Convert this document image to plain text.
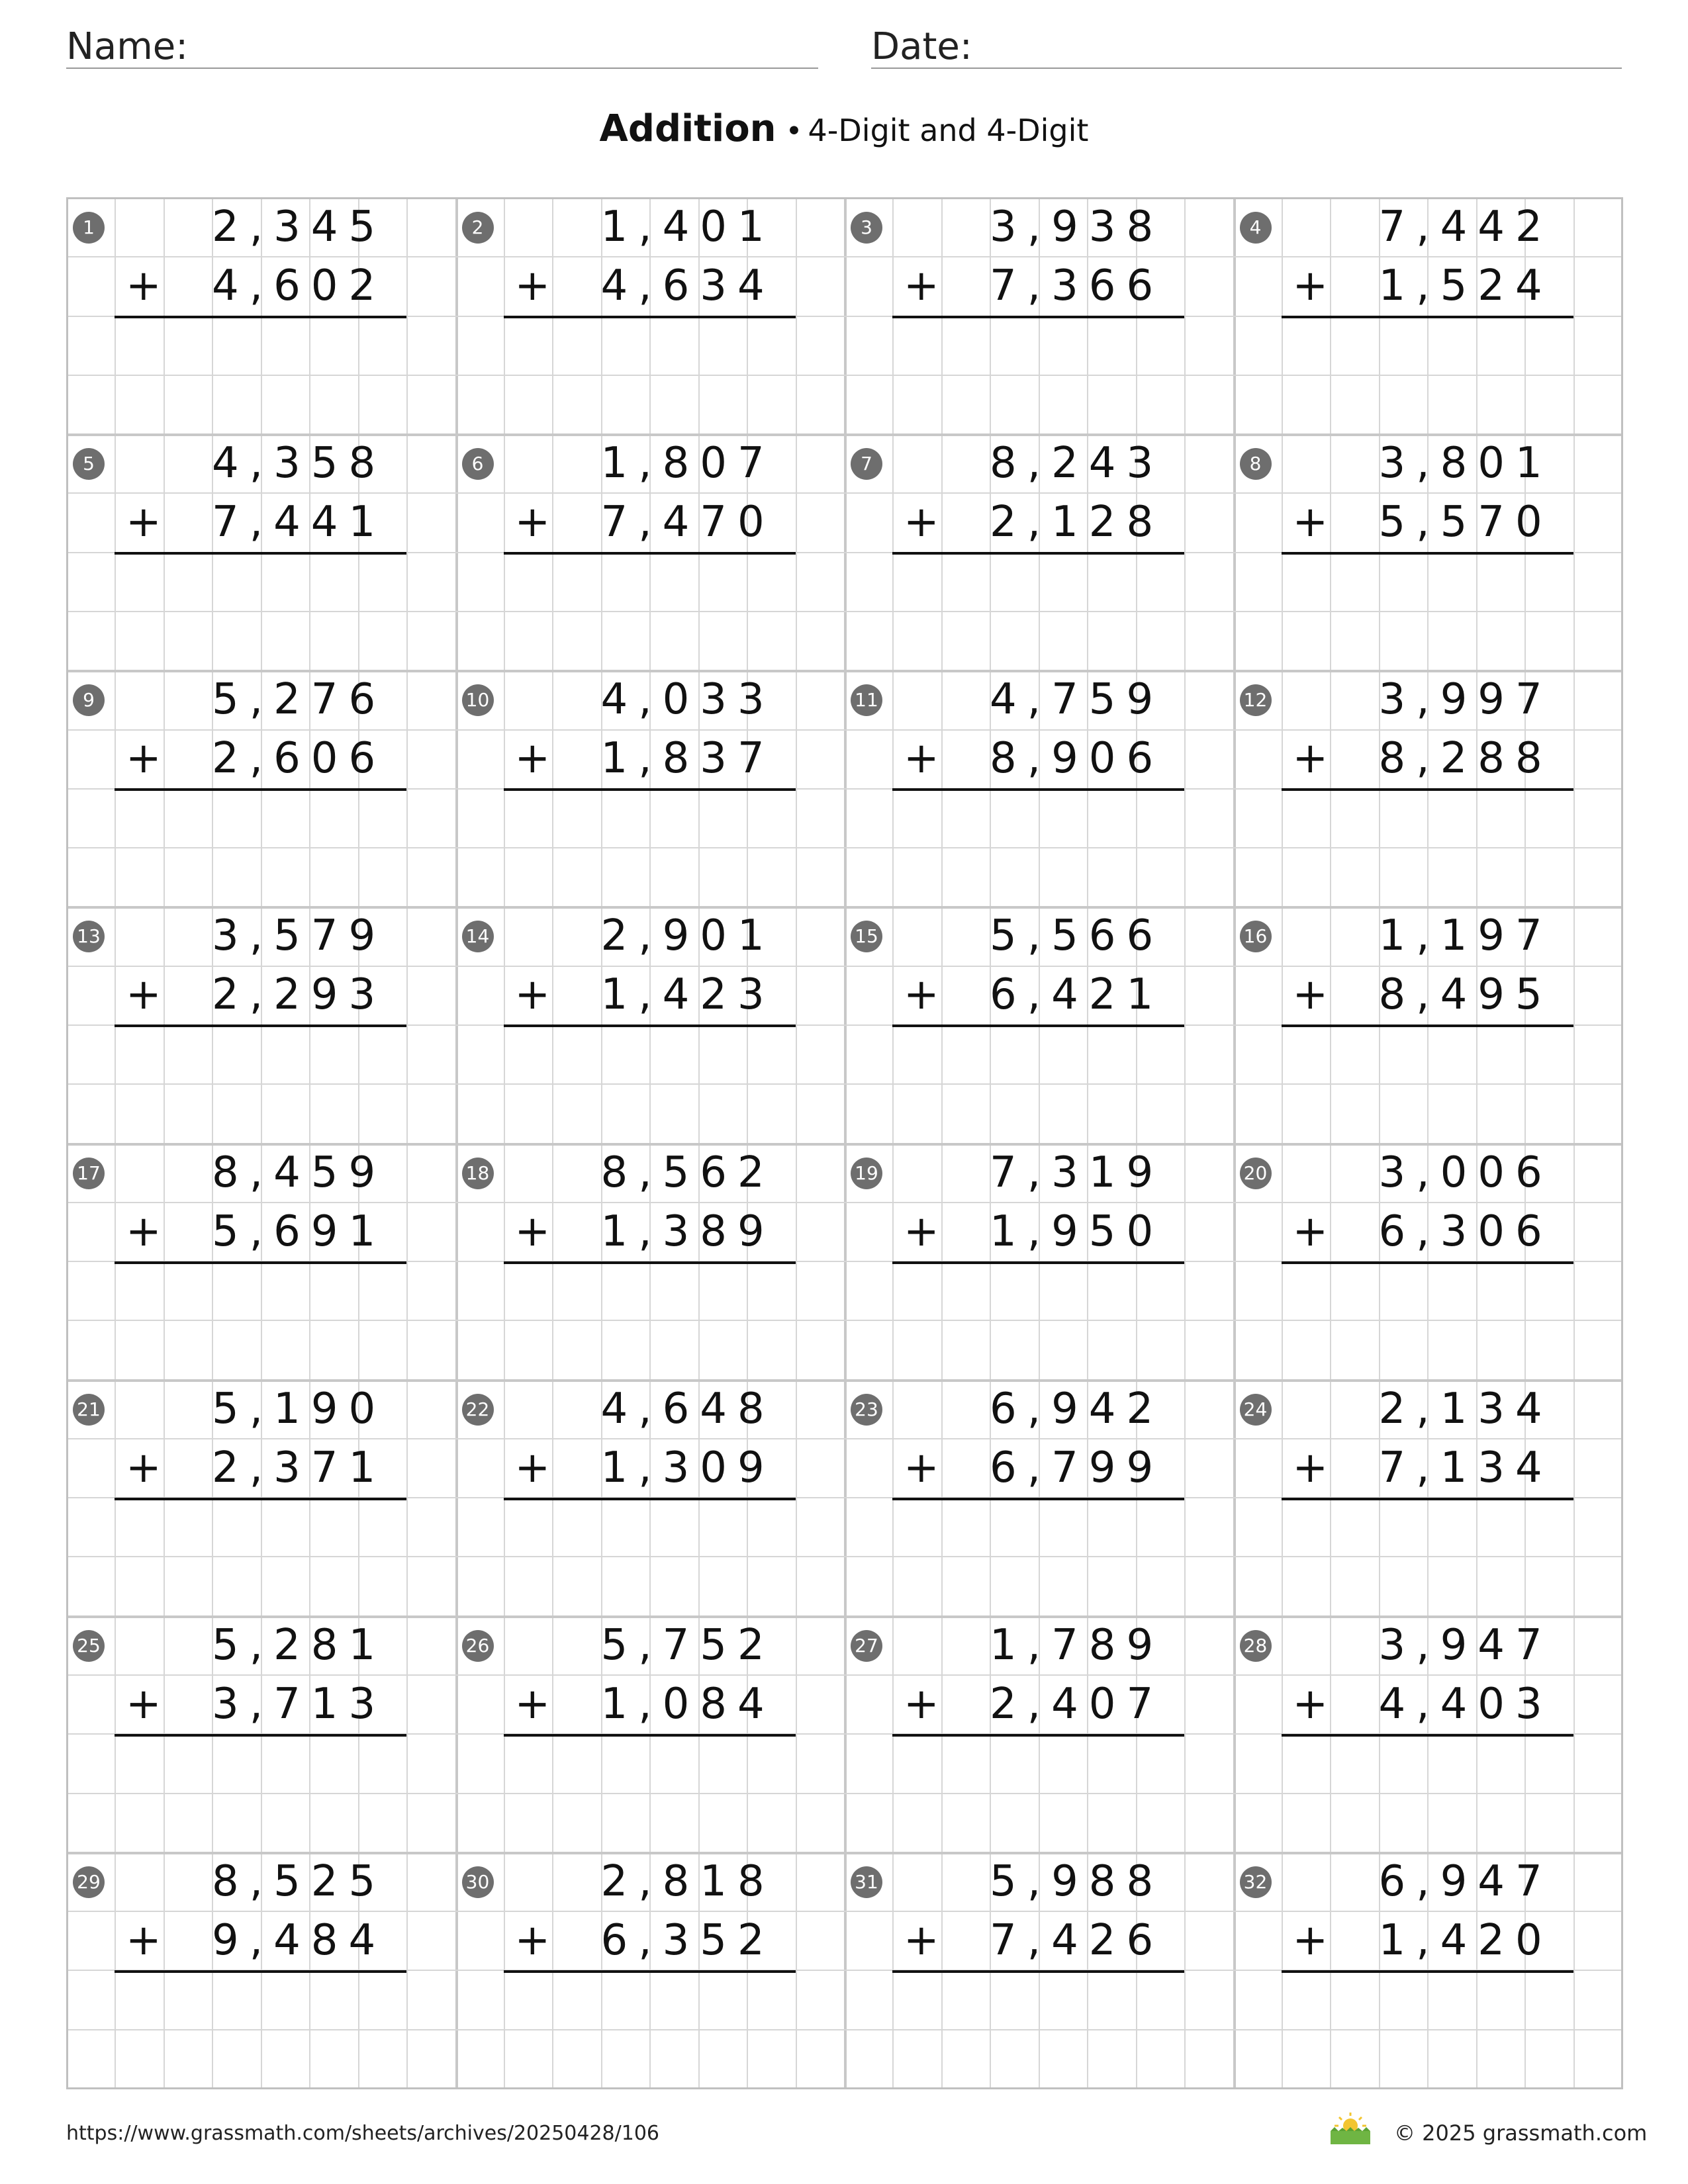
Name:	Date:
Addition • 4-Digit and 4-Digit
1	2,345
+ 4,602
2	1,401
+ 4,634
3	3,938
+ 7,366
4	7,442
+ 1,524
5	4,358
+ 7,441
6	1,807
+ 7,470
7	8,243
+ 2,128
8	3,801
+ 5,570
9	5,276
+ 2,606
10	4,033
+ 1,837
11	4,759
+ 8,906
12	3,997
+ 8,288
13	3,579
+ 2,293
14	2,901
+ 1,423
15	5,566
+ 6,421
16	1,197
+ 8,495
17	8,459
+ 5,691
18	8,562
+ 1,389
19	7,319
+ 1,950
20	3,006
+ 6,306
21	5,190
+ 2,371
22	4,648
+ 1,309
23	6,942
+ 6,799
24	2,134
+ 7,134
25	5,281
+ 3,713
26	5,752
+ 1,084
27	1,789
+ 2,407
28	3,947
+ 4,403
29	8,525
+ 9,484
30	2,818
+ 6,352
31	5,988
+ 7,426
32	6,947
+ 1,420
https://www.grassmath.com/sheets/archives/20250428/106	© 2025 grassmath.com
